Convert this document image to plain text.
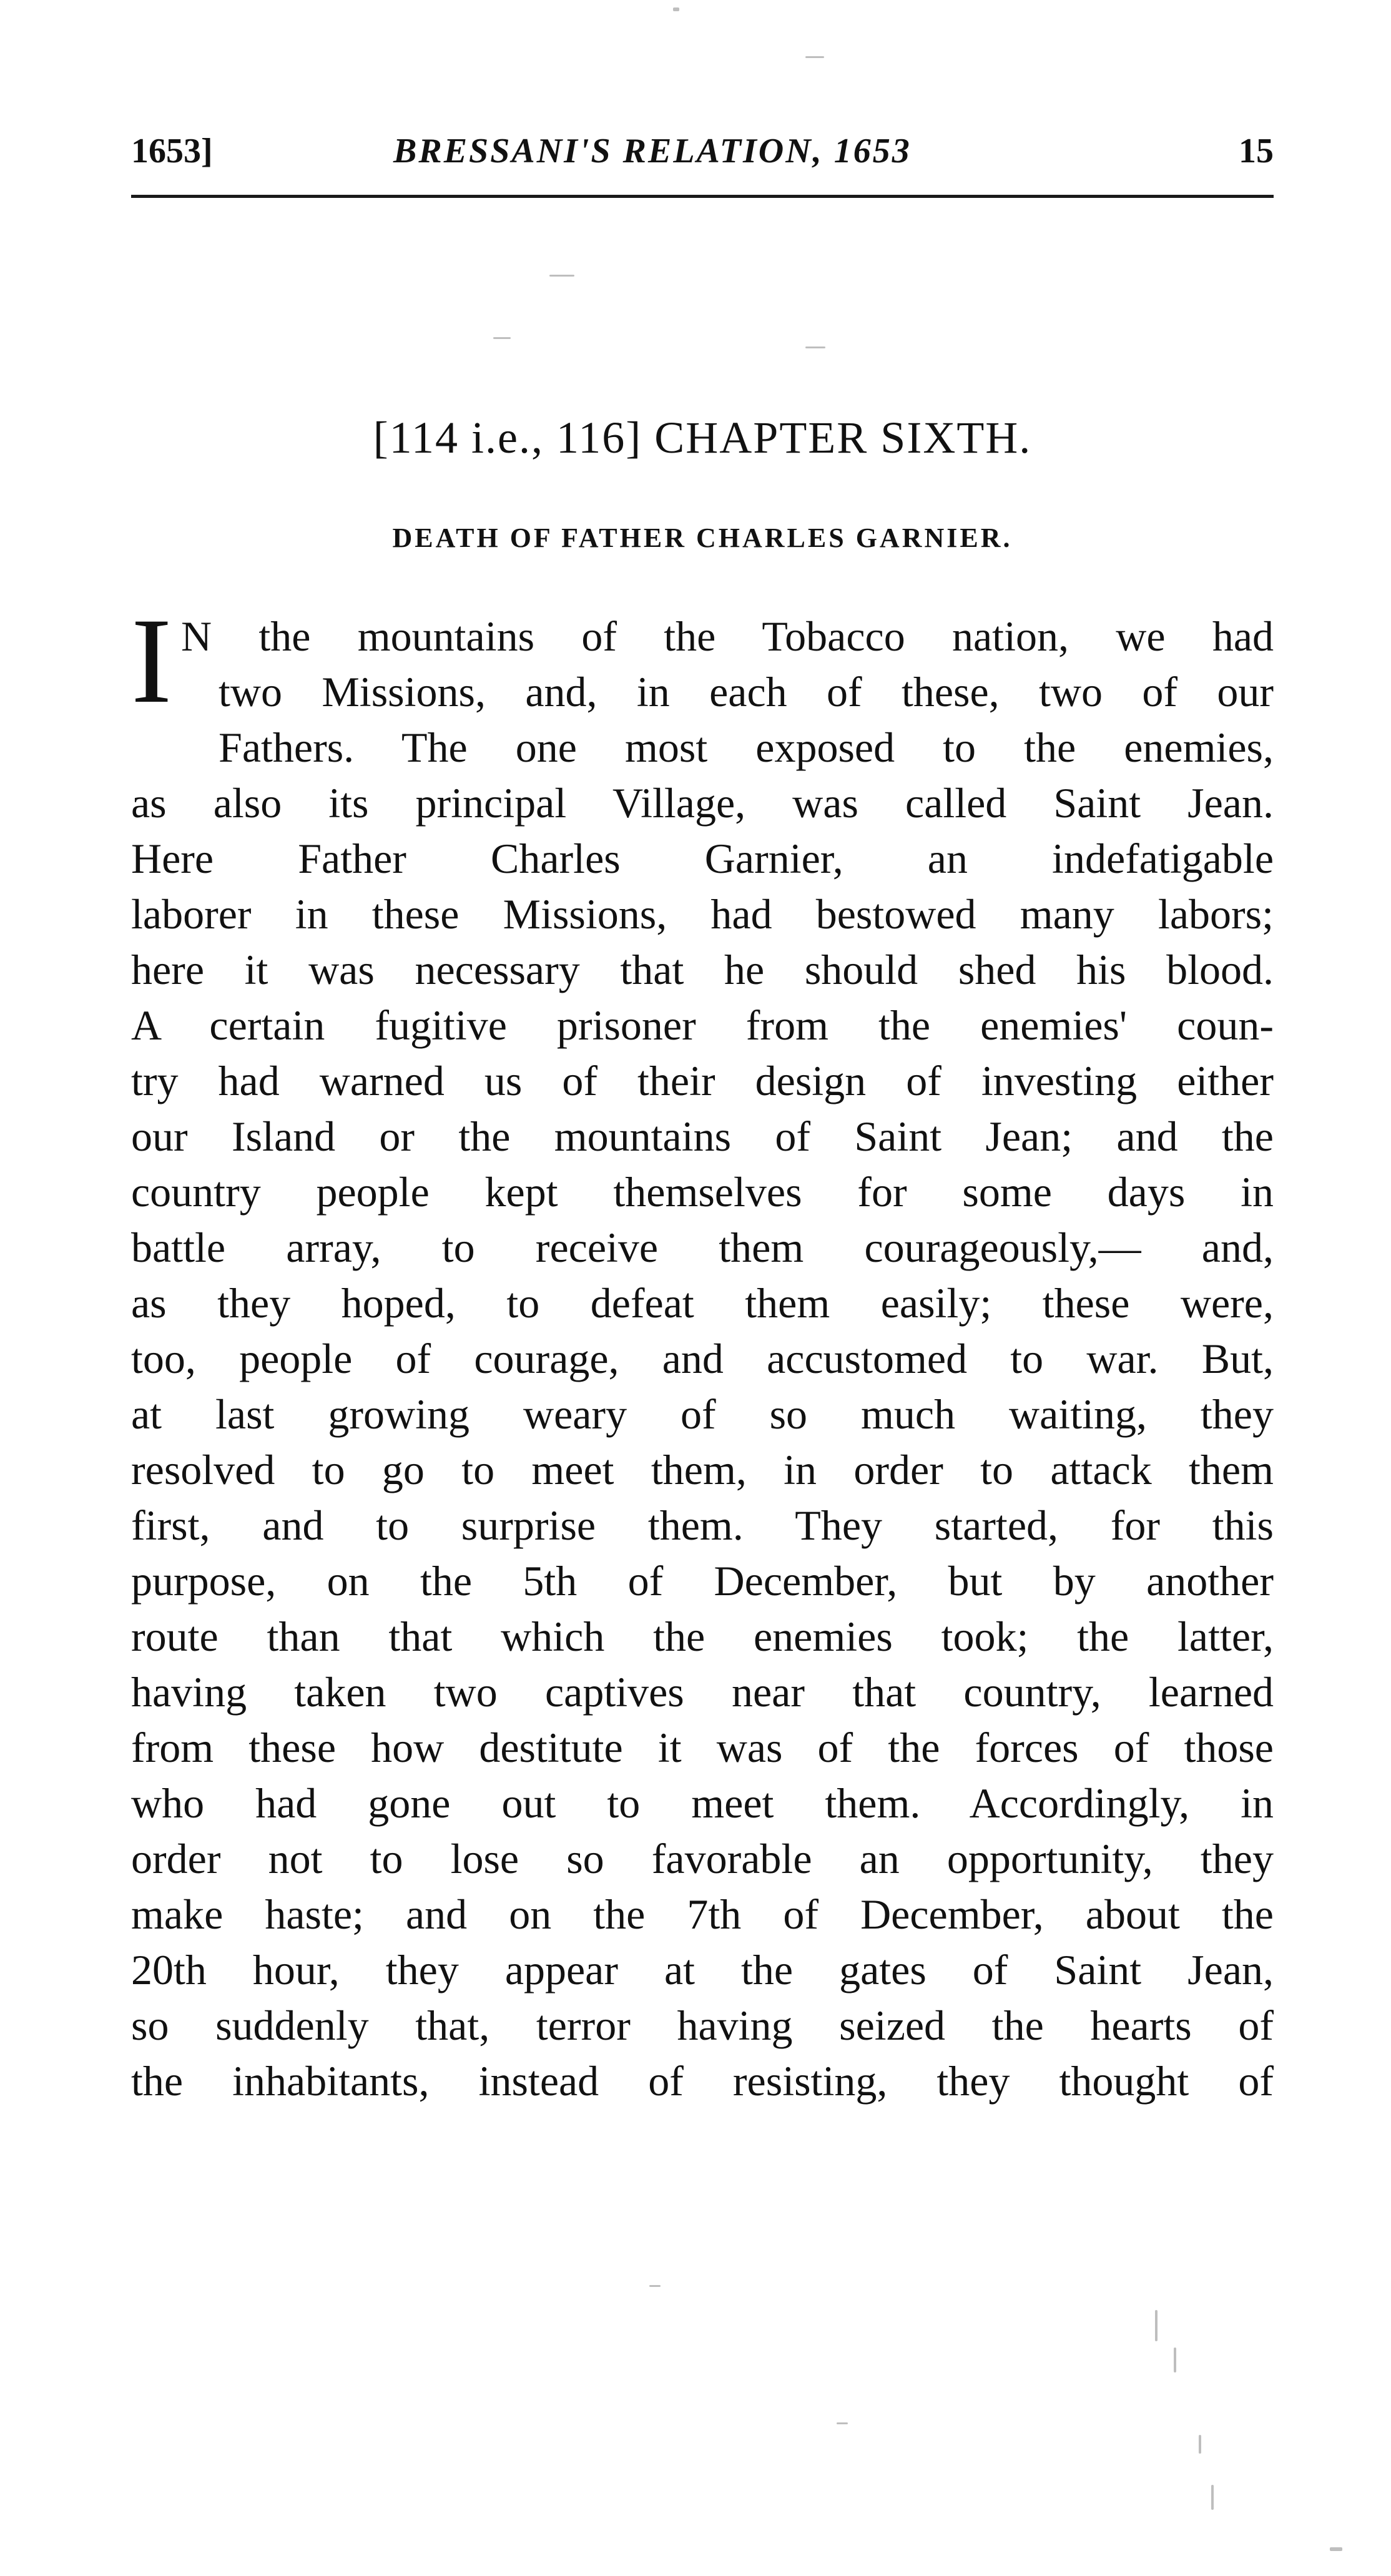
1653]	BRESSANI'S RELATION, 1653	15
[114 i.e., 116] CHAPTER SIXTH.
DEATH OF FATHER CHARLES GARNIER.
I N the mountains of the Tobacco nation, we had
two Missions, and, in each of these, two of our
Fathers. The one most exposed to the enemies,
as also its principal Village, was called Saint Jean.
Here Father Charles Garnier, an indefatigable
laborer in these Missions, had bestowed many labors;
here it was necessary that he should shed his blood.
A certain fugitive prisoner from the enemies' coun-
try had warned us of their design of investing either
our Island or the mountains of Saint Jean; and the
country people kept themselves for some days in
battle array, to receive them courageously,— and,
as they hoped, to defeat them easily; these were,
too, people of courage, and accustomed to war. But,
at last growing weary of so much waiting, they
resolved to go to meet them, in order to attack them
first, and to surprise them. They started, for this
purpose, on the 5th of December, but by another
route than that which the enemies took; the latter,
having taken two captives near that country, learned
from these how destitute it was of the forces of those
who had gone out to meet them. Accordingly, in
order not to lose so favorable an opportunity, they
make haste; and on the 7th of December, about the
20th hour, they appear at the gates of Saint Jean,
so suddenly that, terror having seized the hearts of
the inhabitants, instead of resisting, they thought of
